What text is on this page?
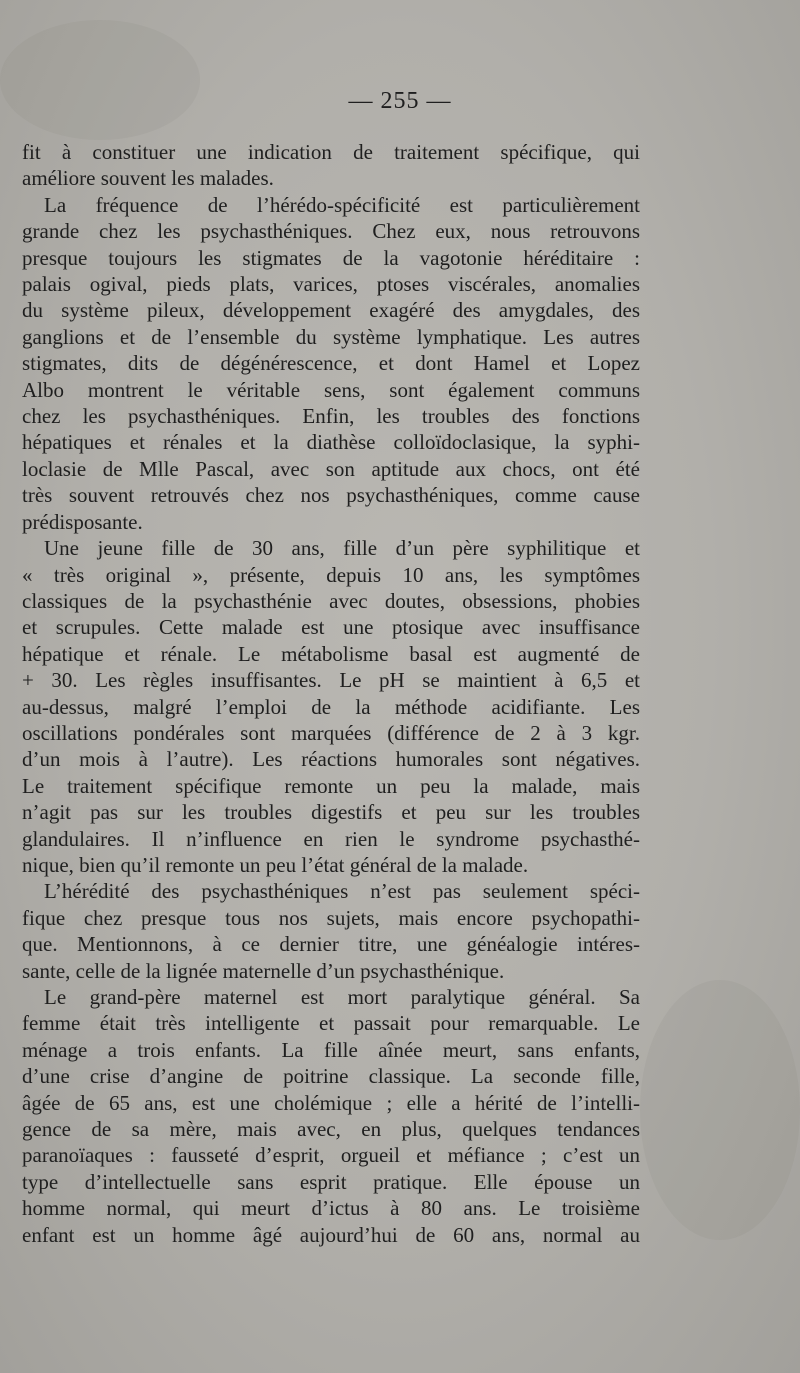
— 255 —
fit à constituer une indication de traitement spécifique, qui
améliore souvent les malades.
La fréquence de l’hérédo-spécificité est particulièrement
grande chez les psychasthéniques. Chez eux, nous retrouvons
presque toujours les stigmates de la vagotonie héréditaire :
palais ogival, pieds plats, varices, ptoses viscérales, anomalies
du système pileux, développement exagéré des amygdales, des
ganglions et de l’ensemble du système lymphatique. Les autres
stigmates, dits de dégénérescence, et dont Hamel et Lopez
Albo montrent le véritable sens, sont également communs
chez les psychasthéniques. Enfin, les troubles des fonctions
hépatiques et rénales et la diathèse colloïdoclasique, la syphi-
loclasie de Mlle Pascal, avec son aptitude aux chocs, ont été
très souvent retrouvés chez nos psychasthéniques, comme cause
prédisposante.
Une jeune fille de 30 ans, fille d’un père syphilitique et
« très original », présente, depuis 10 ans, les symptômes
classiques de la psychasthénie avec doutes, obsessions, phobies
et scrupules. Cette malade est une ptosique avec insuffisance
hépatique et rénale. Le métabolisme basal est augmenté de
+ 30. Les règles insuffisantes. Le pH se maintient à 6,5 et
au-dessus, malgré l’emploi de la méthode acidifiante. Les
oscillations pondérales sont marquées (différence de 2 à 3 kgr.
d’un mois à l’autre). Les réactions humorales sont négatives.
Le traitement spécifique remonte un peu la malade, mais
n’agit pas sur les troubles digestifs et peu sur les troubles
glandulaires. Il n’influence en rien le syndrome psychasthé-
nique, bien qu’il remonte un peu l’état général de la malade.
L’hérédité des psychasthéniques n’est pas seulement spéci-
fique chez presque tous nos sujets, mais encore psychopathi-
que. Mentionnons, à ce dernier titre, une généalogie intéres-
sante, celle de la lignée maternelle d’un psychasthénique.
Le grand-père maternel est mort paralytique général. Sa
femme était très intelligente et passait pour remarquable. Le
ménage a trois enfants. La fille aînée meurt, sans enfants,
d’une crise d’angine de poitrine classique. La seconde fille,
âgée de 65 ans, est une cholémique ; elle a hérité de l’intelli-
gence de sa mère, mais avec, en plus, quelques tendances
paranoïaques : fausseté d’esprit, orgueil et méfiance ; c’est un
type d’intellectuelle sans esprit pratique. Elle épouse un
homme normal, qui meurt d’ictus à 80 ans. Le troisième
enfant est un homme âgé aujourd’hui de 60 ans, normal au
